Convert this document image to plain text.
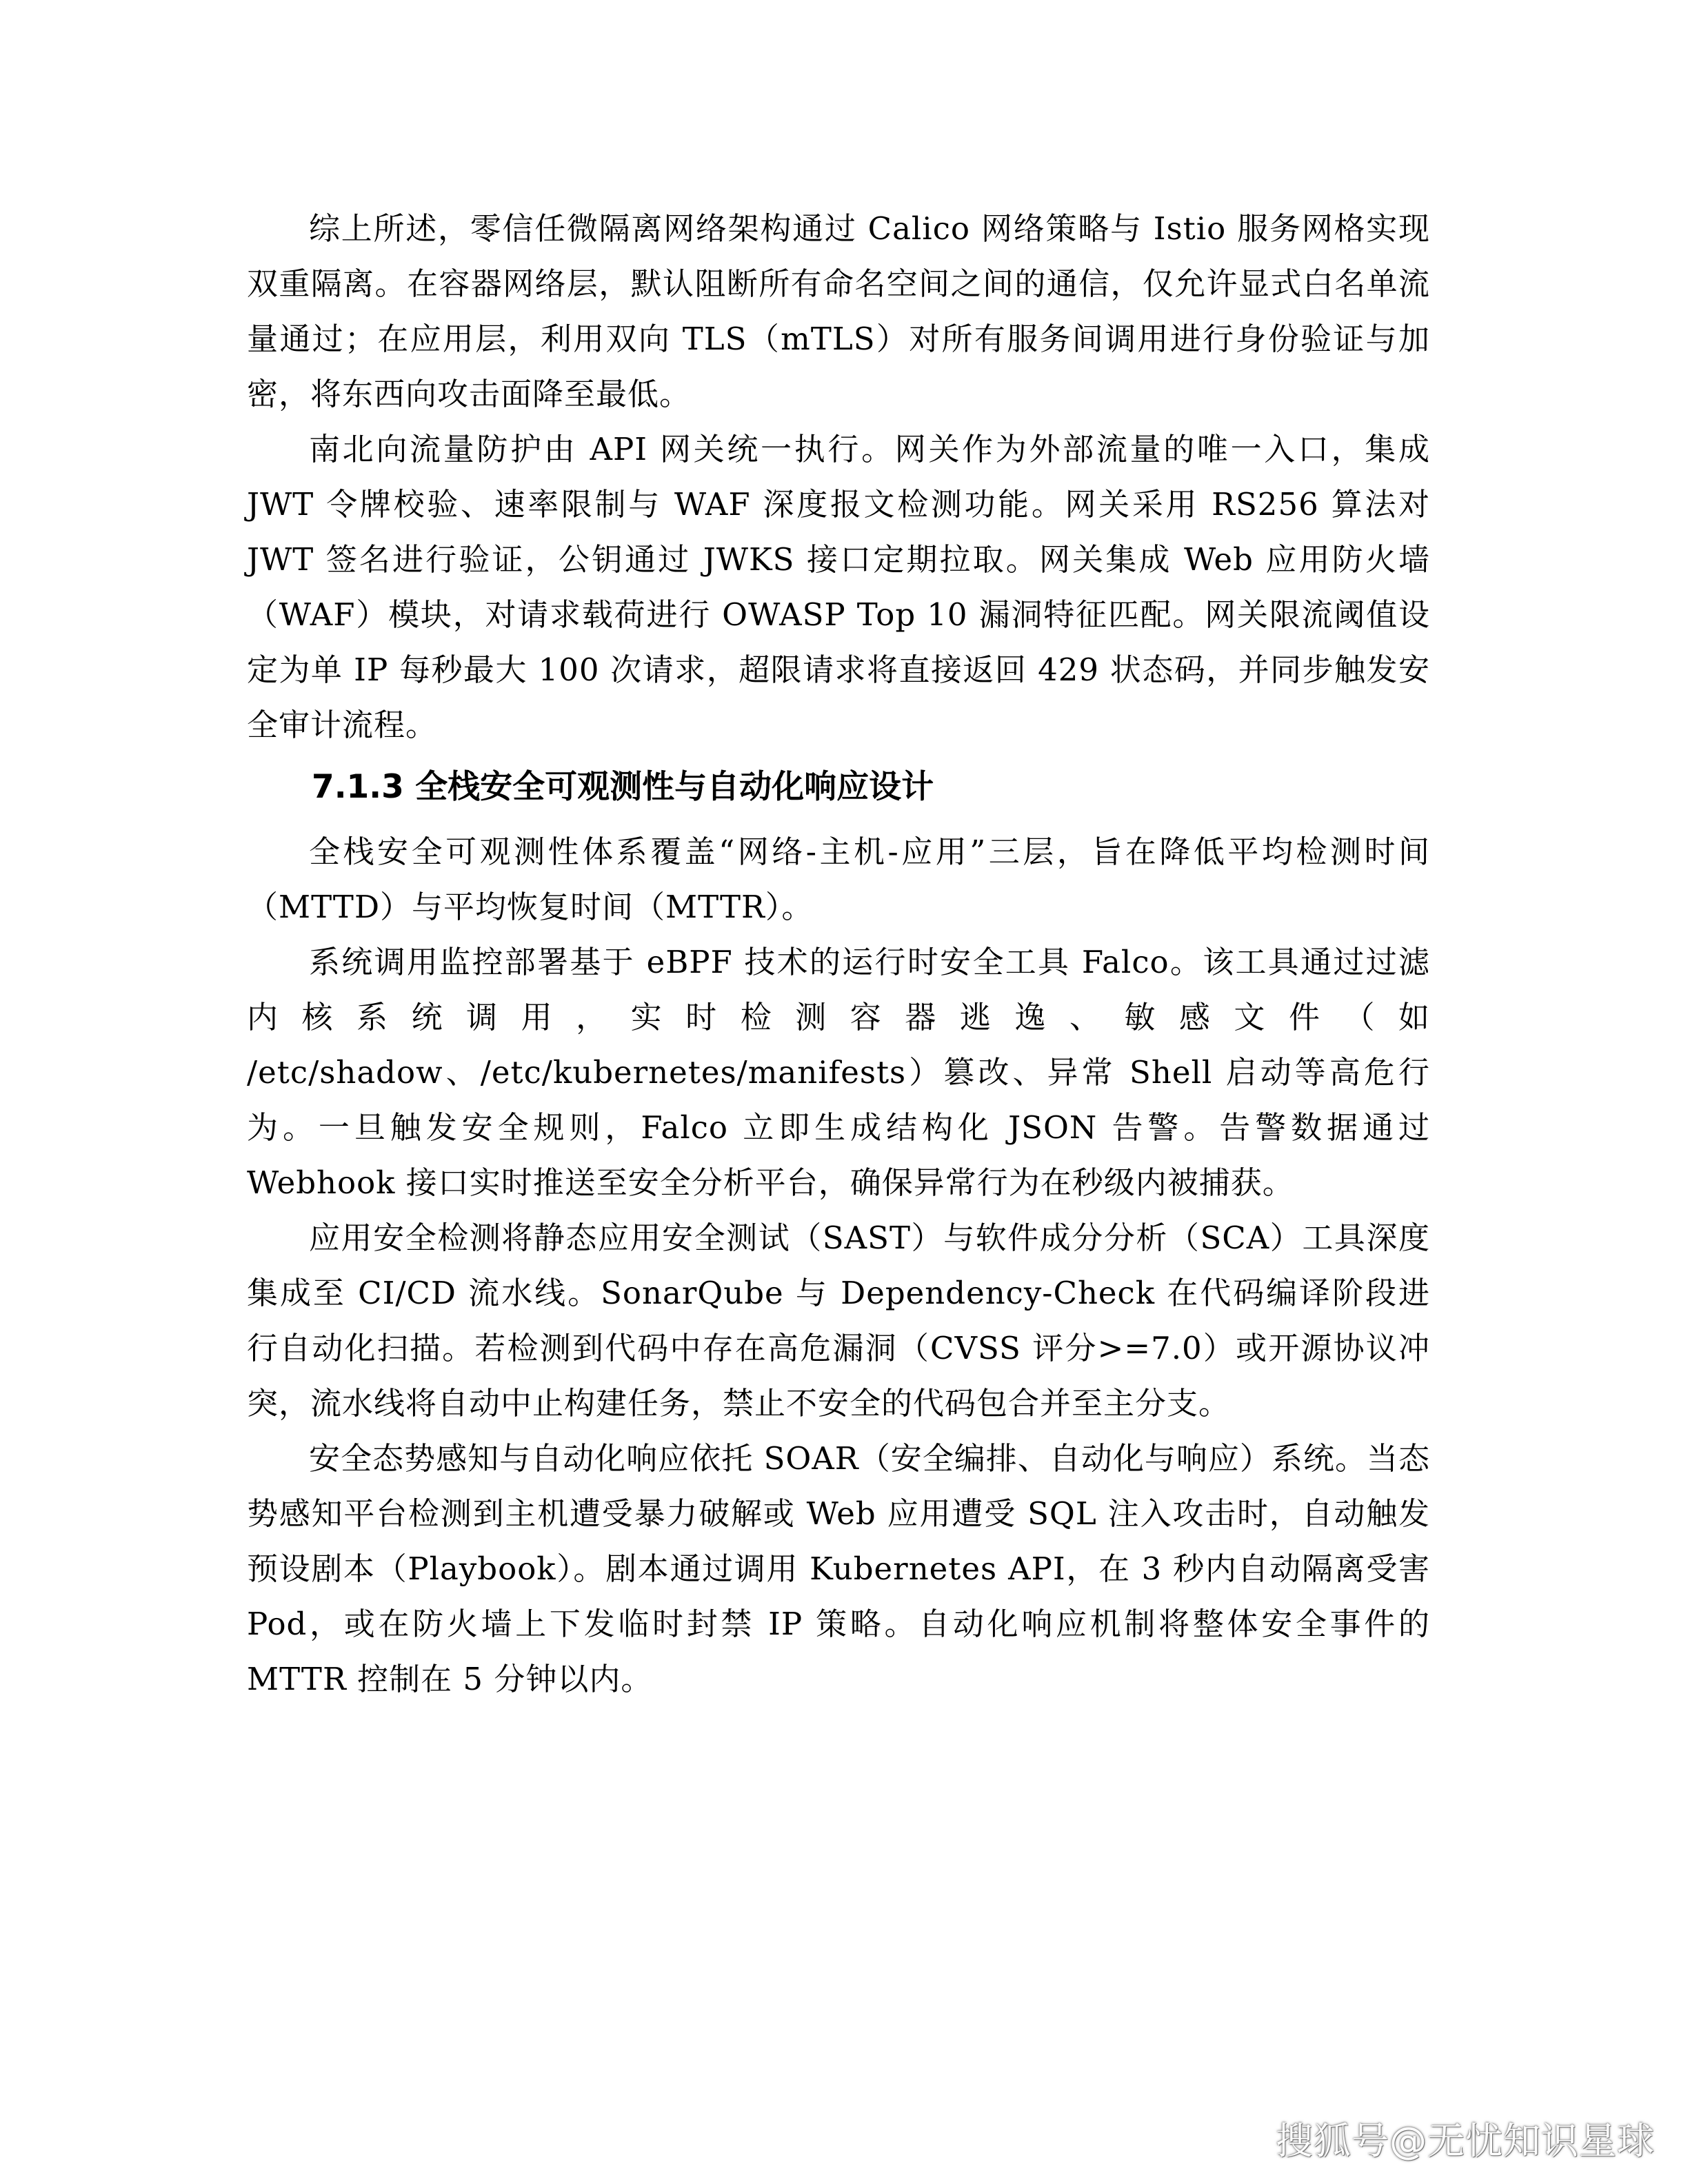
综上所述，零信任微隔离网络架构通过 Calico 网络策略与 Istio 服务网格实现双重隔离。在容器网络层，默认阻断所有命名空间之间的通信，仅允许显式白名单流量通过；在应用层，利用双向 TLS（mTLS）对所有服务间调用进行身份验证与加密，将东西向攻击面降至最低。

南北向流量防护由 API 网关统一执行。网关作为外部流量的唯一入口，集成 JWT 令牌校验、速率限制与 WAF 深度报文检测功能。网关采用 RS256 算法对 JWT 签名进行验证，公钥通过 JWKS 接口定期拉取。网关集成 Web 应用防火墙（WAF）模块，对请求载荷进行 OWASP Top 10 漏洞特征匹配。网关限流阈值设定为单 IP 每秒最大 100 次请求，超限请求将直接返回 429 状态码，并同步触发安全审计流程。

7.1.3 全栈安全可观测性与自动化响应设计

全栈安全可观测性体系覆盖“网络-主机-应用”三层，旨在降低平均检测时间（MTTD）与平均恢复时间（MTTR）。

系统调用监控部署基于 eBPF 技术的运行时安全工具 Falco。该工具通过过滤内核系统调用，实时检测容器逃逸、敏感文件（如 /etc/shadow、/etc/kubernetes/manifests）篡改、异常 Shell 启动等高危行为。一旦触发安全规则，Falco 立即生成结构化 JSON 告警。告警数据通过 Webhook 接口实时推送至安全分析平台，确保异常行为在秒级内被捕获。

应用安全检测将静态应用安全测试（SAST）与软件成分分析（SCA）工具深度集成至 CI/CD 流水线。SonarQube 与 Dependency-Check 在代码编译阶段进行自动化扫描。若检测到代码中存在高危漏洞（CVSS 评分>=7.0）或开源协议冲突，流水线将自动中止构建任务，禁止不安全的代码包合并至主分支。

安全态势感知与自动化响应依托 SOAR（安全编排、自动化与响应）系统。当态势感知平台检测到主机遭受暴力破解或 Web 应用遭受 SQL 注入攻击时，自动触发预设剧本（Playbook）。剧本通过调用 Kubernetes API，在 3 秒内自动隔离受害 Pod，或在防火墙上下发临时封禁 IP 策略。自动化响应机制将整体安全事件的 MTTR 控制在 5 分钟以内。

搜狐号@无忧知识星球
